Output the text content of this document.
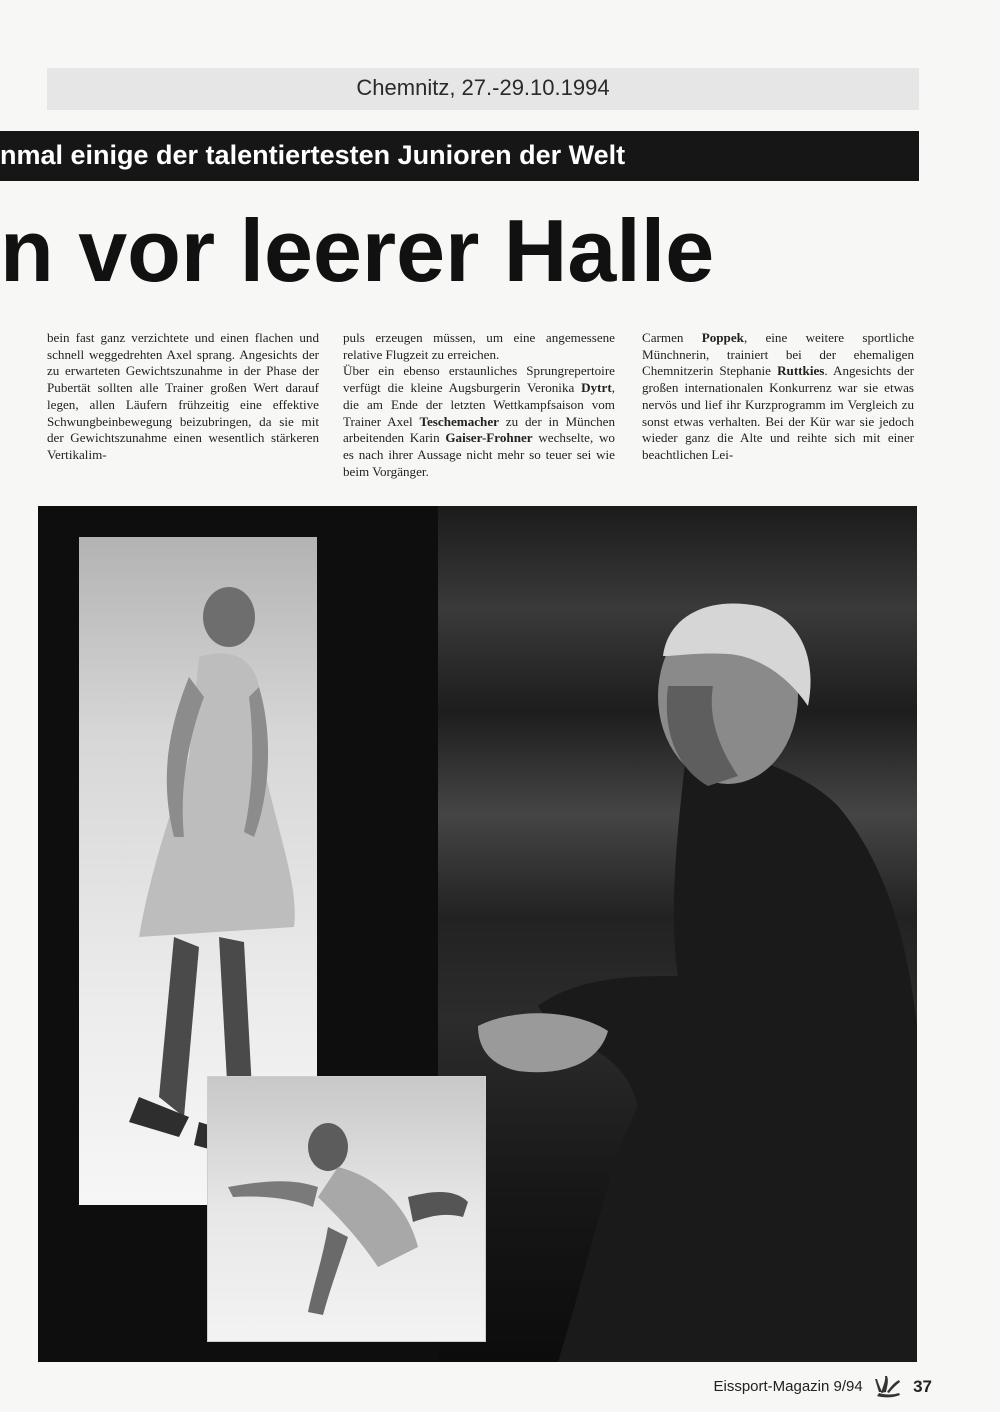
Chemnitz, 27.-29.10.1994
nmal einige der talentiertesten Junioren der Welt
n vor leerer Halle

bein fast ganz verzichtete und einen flachen und schnell weggedrehten Axel sprang. Angesichts der zu erwarteten Gewichtszunahme in der Phase der Pubertät sollten alle Trainer großen Wert darauf legen, allen Läufern frühzeitig eine effektive Schwungbeinbewegung beizubringen, da sie mit der Gewichtszunahme einen wesentlich stärkeren Vertikalim-

puls erzeugen müssen, um eine angemessene relative Flugzeit zu erreichen.

Über ein ebenso erstaunliches Sprungrepertoire verfügt die kleine Augsburgerin Veronika Dytrt, die am Ende der letzten Wettkampfsaison vom Trainer Axel Teschemacher zu der in München arbeitenden Karin Gaiser-Frohner wechselte, wo es nach ihrer Aussage nicht mehr so teuer sei wie beim Vorgänger.

Carmen Poppek, eine weitere sportliche Münchnerin, trainiert bei der ehemaligen Chemnitzerin Stephanie Ruttkies. Angesichts der großen internationalen Konkurrenz war sie etwas nervös und lief ihr Kurzprogramm im Vergleich zu sonst etwas verhalten. Bei der Kür war sie jedoch wieder ganz die Alte und reihte sich mit einer beachtlichen Lei-

Eissport-Magazin 9/94	37
